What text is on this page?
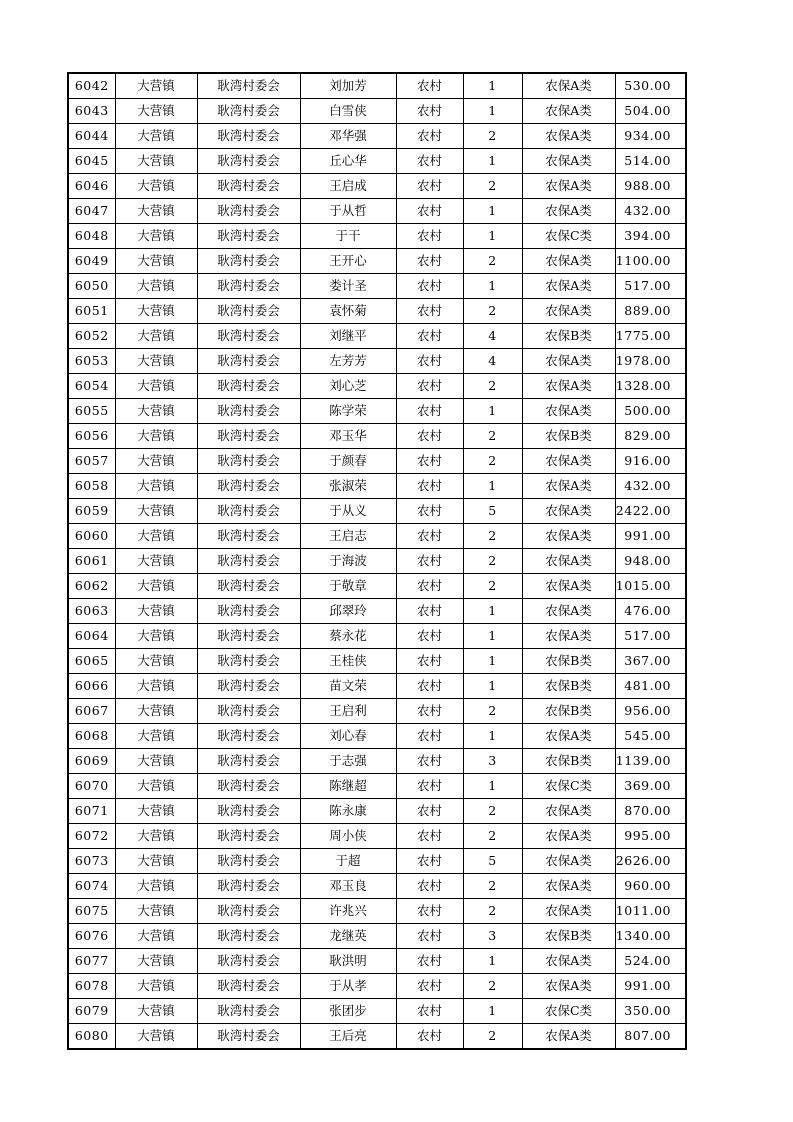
6042	大营镇	耿湾村委会	刘加芳	农村	1	农保A类	530.00
6043	大营镇	耿湾村委会	白雪侠	农村	1	农保A类	504.00
6044	大营镇	耿湾村委会	邓华强	农村	2	农保A类	934.00
6045	大营镇	耿湾村委会	丘心华	农村	1	农保A类	514.00
6046	大营镇	耿湾村委会	王启成	农村	2	农保A类	988.00
6047	大营镇	耿湾村委会	于从哲	农村	1	农保A类	432.00
6048	大营镇	耿湾村委会	于干	农村	1	农保C类	394.00
6049	大营镇	耿湾村委会	王开心	农村	2	农保A类	1100.00
6050	大营镇	耿湾村委会	娄计圣	农村	1	农保A类	517.00
6051	大营镇	耿湾村委会	袁怀菊	农村	2	农保A类	889.00
6052	大营镇	耿湾村委会	刘继平	农村	4	农保B类	1775.00
6053	大营镇	耿湾村委会	左芳芳	农村	4	农保A类	1978.00
6054	大营镇	耿湾村委会	刘心芝	农村	2	农保A类	1328.00
6055	大营镇	耿湾村委会	陈学荣	农村	1	农保A类	500.00
6056	大营镇	耿湾村委会	邓玉华	农村	2	农保B类	829.00
6057	大营镇	耿湾村委会	于颜春	农村	2	农保A类	916.00
6058	大营镇	耿湾村委会	张淑荣	农村	1	农保A类	432.00
6059	大营镇	耿湾村委会	于从义	农村	5	农保A类	2422.00
6060	大营镇	耿湾村委会	王启志	农村	2	农保A类	991.00
6061	大营镇	耿湾村委会	于海波	农村	2	农保A类	948.00
6062	大营镇	耿湾村委会	于敬章	农村	2	农保A类	1015.00
6063	大营镇	耿湾村委会	邱翠玲	农村	1	农保A类	476.00
6064	大营镇	耿湾村委会	蔡永花	农村	1	农保A类	517.00
6065	大营镇	耿湾村委会	王桂侠	农村	1	农保B类	367.00
6066	大营镇	耿湾村委会	苗文荣	农村	1	农保B类	481.00
6067	大营镇	耿湾村委会	王启利	农村	2	农保B类	956.00
6068	大营镇	耿湾村委会	刘心春	农村	1	农保A类	545.00
6069	大营镇	耿湾村委会	于志强	农村	3	农保B类	1139.00
6070	大营镇	耿湾村委会	陈继超	农村	1	农保C类	369.00
6071	大营镇	耿湾村委会	陈永康	农村	2	农保A类	870.00
6072	大营镇	耿湾村委会	周小侠	农村	2	农保A类	995.00
6073	大营镇	耿湾村委会	于超	农村	5	农保A类	2626.00
6074	大营镇	耿湾村委会	邓玉良	农村	2	农保A类	960.00
6075	大营镇	耿湾村委会	许兆兴	农村	2	农保A类	1011.00
6076	大营镇	耿湾村委会	龙继英	农村	3	农保B类	1340.00
6077	大营镇	耿湾村委会	耿洪明	农村	1	农保A类	524.00
6078	大营镇	耿湾村委会	于从孝	农村	2	农保A类	991.00
6079	大营镇	耿湾村委会	张团步	农村	1	农保C类	350.00
6080	大营镇	耿湾村委会	王后亮	农村	2	农保A类	807.00
